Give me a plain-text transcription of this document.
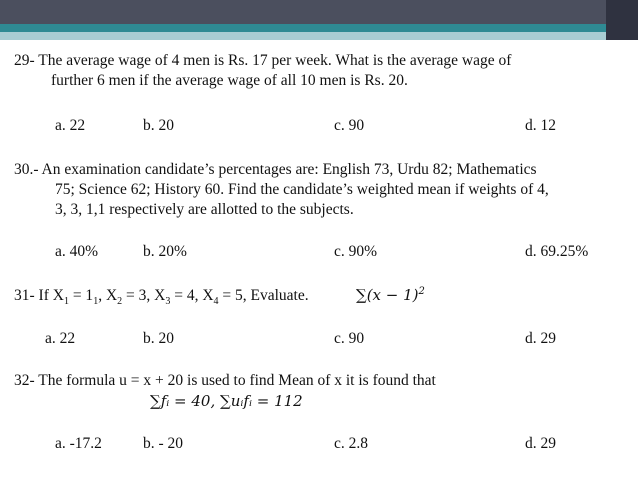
29- The average wage of 4 men is Rs. 17 per week. What is the average wage of
further 6 men if the average wage of all 10 men is Rs. 20.
a. 22	b. 20	c. 90	d. 12
30.- An examination candidate’s percentages are: English 73, Urdu 82; Mathematics
75; Science 62; History 60. Find the candidate’s weighted mean if weights of 4,
3, 3, 1,1 respectively are allotted to the subjects.
a. 40%	b. 20%	c. 90%	d. 69.25%
31- If $X_1 = 1_1$, $X_2 = 3$, $X_3 = 4$, $X_4 = 5$, Evaluate.	∑(𝑥 − 1)$^2$
a. 22	b. 20	c. 90	d. 29
32- The formula u = x + 20 is used to find Mean of x it is found that
∑𝑓ᵢ = 40, ∑𝑢ᵢ𝑓ᵢ = 112
a. -17.2	b. - 20	c. 2.8	d. 29
